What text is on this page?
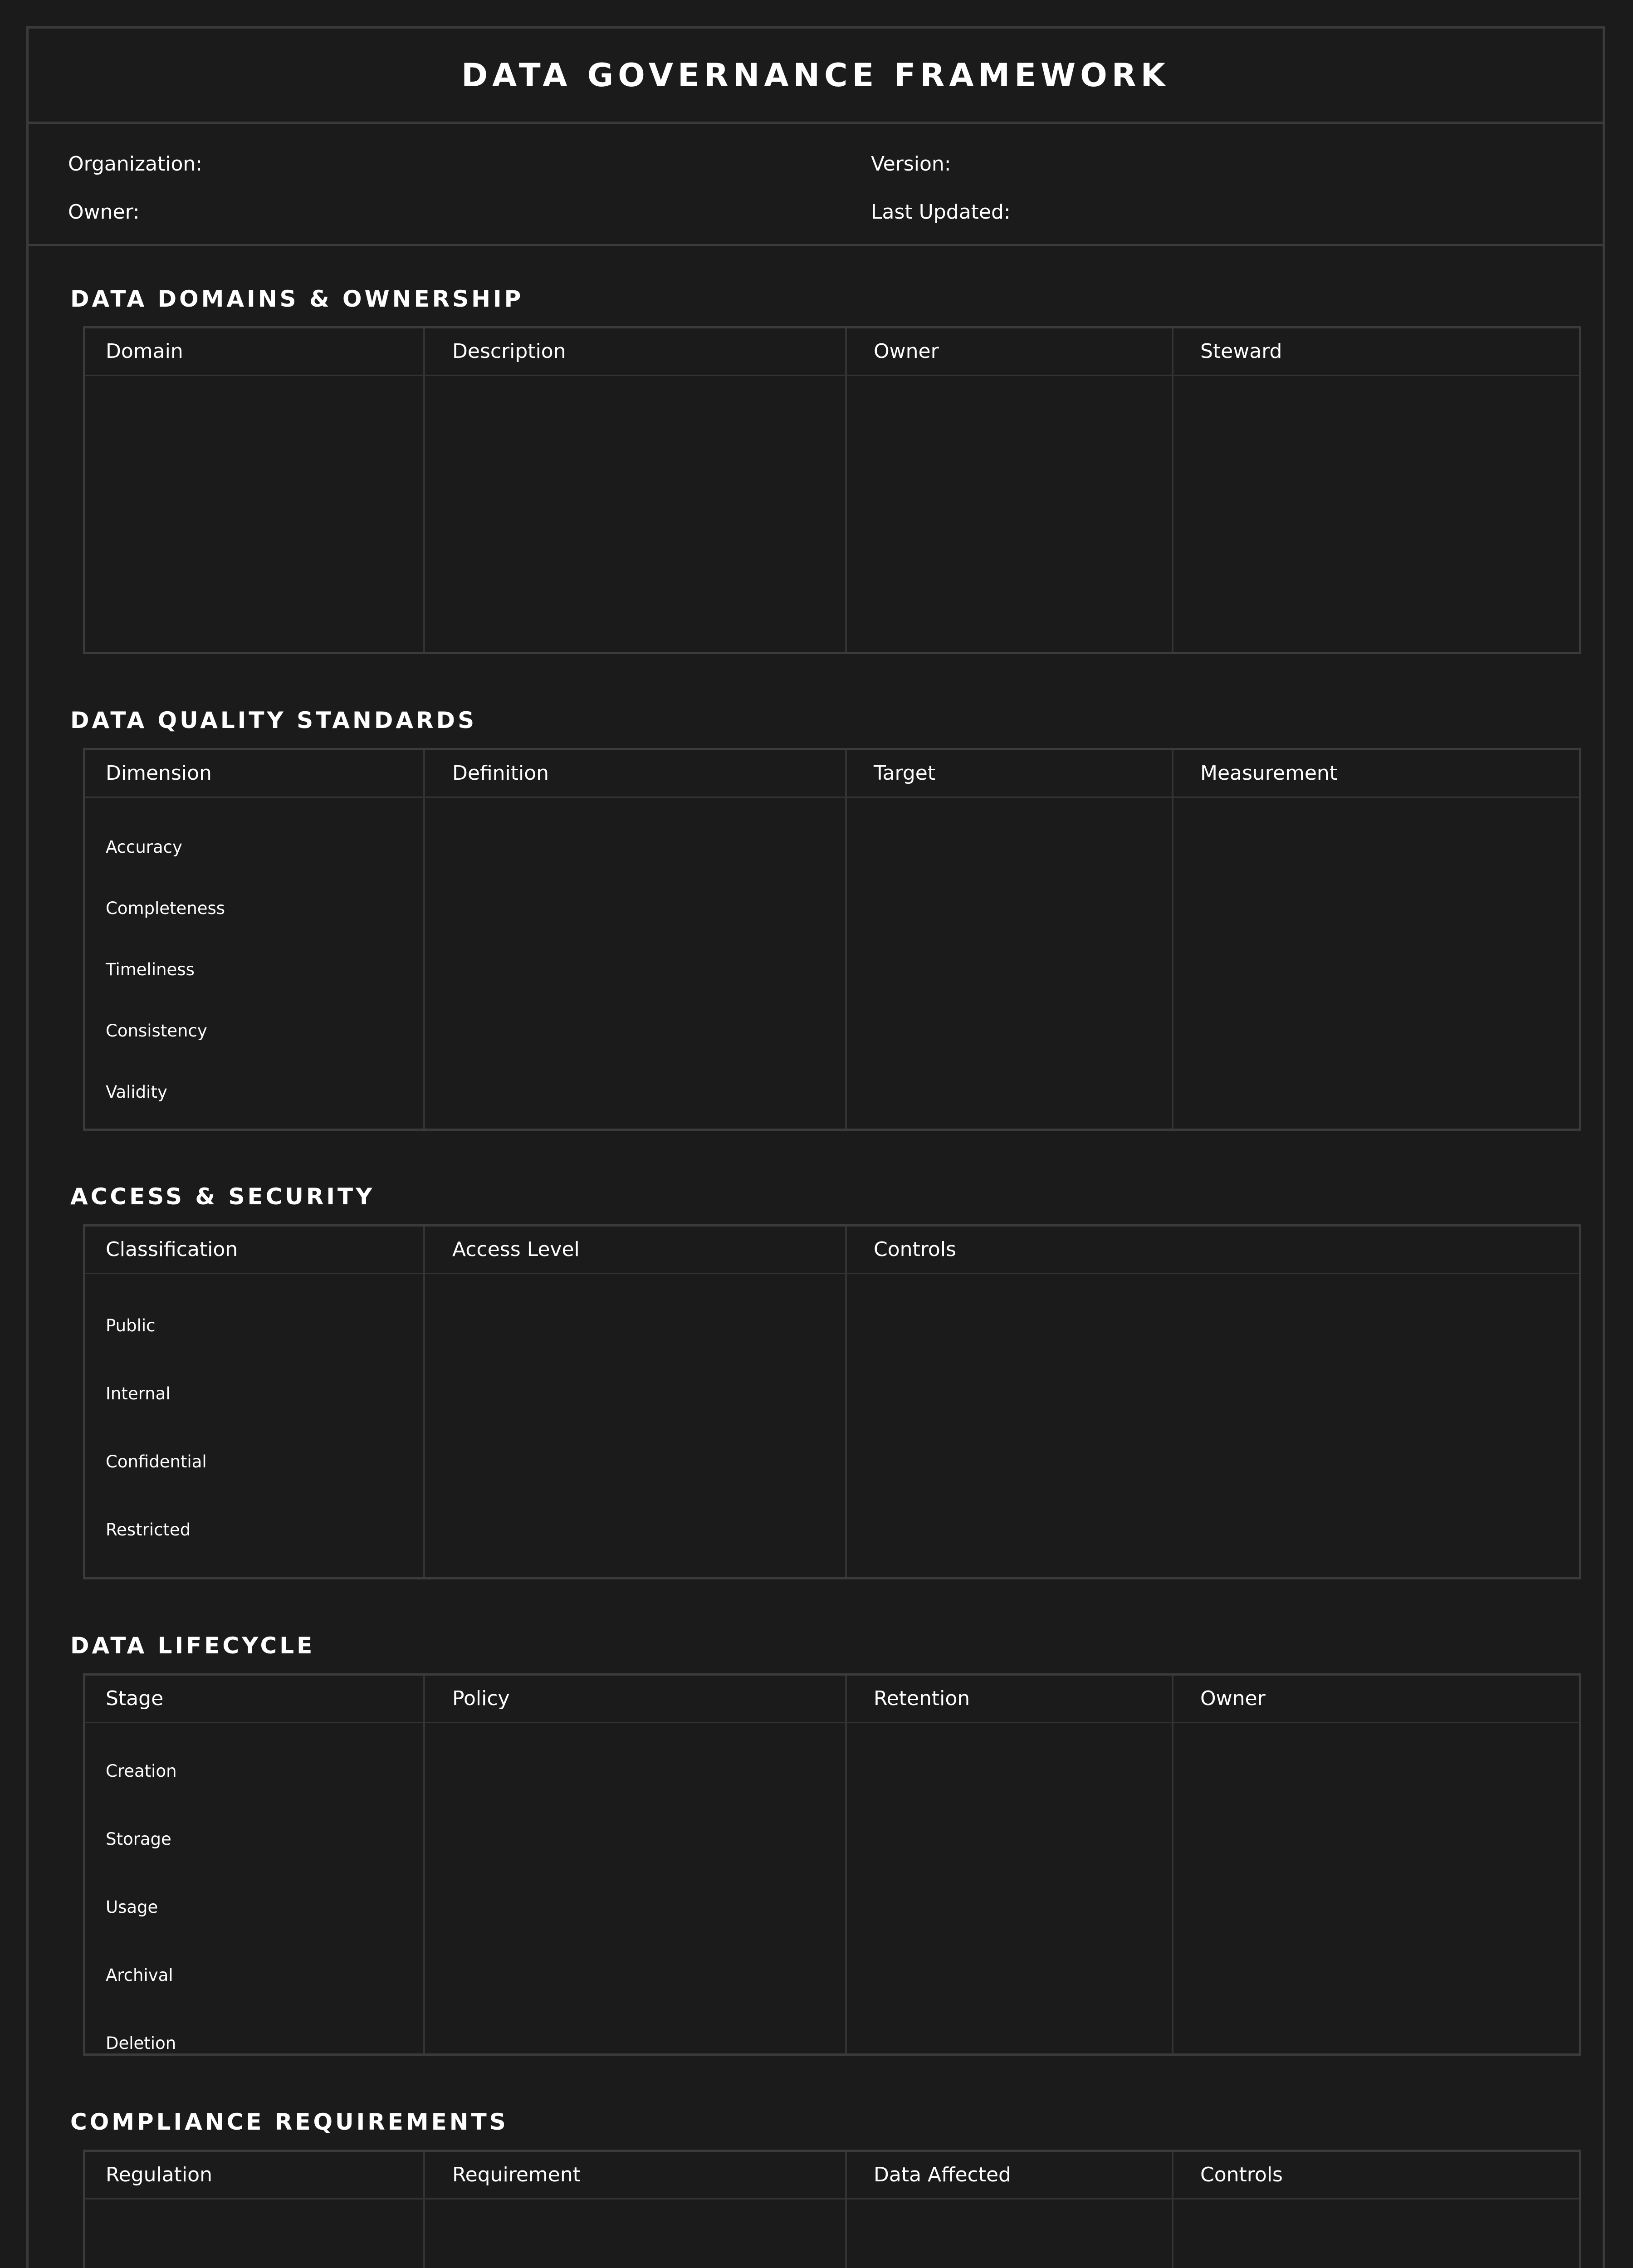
DATA GOVERNANCE FRAMEWORK
Organization:	Version:
Owner:	Last Updated:
DATA DOMAINS & OWNERSHIP
Domain	Description	Owner	Steward
DATA QUALITY STANDARDS
Dimension	Definition	Target	Measurement
Accuracy
Completeness
Timeliness
Consistency
Validity
ACCESS & SECURITY
Classification	Access Level	Controls
Public
Internal
Confidential
Restricted
DATA LIFECYCLE
Stage	Policy	Retention	Owner
Creation
Storage
Usage
Archival
Deletion
COMPLIANCE REQUIREMENTS
Regulation	Requirement	Data Affected	Controls
